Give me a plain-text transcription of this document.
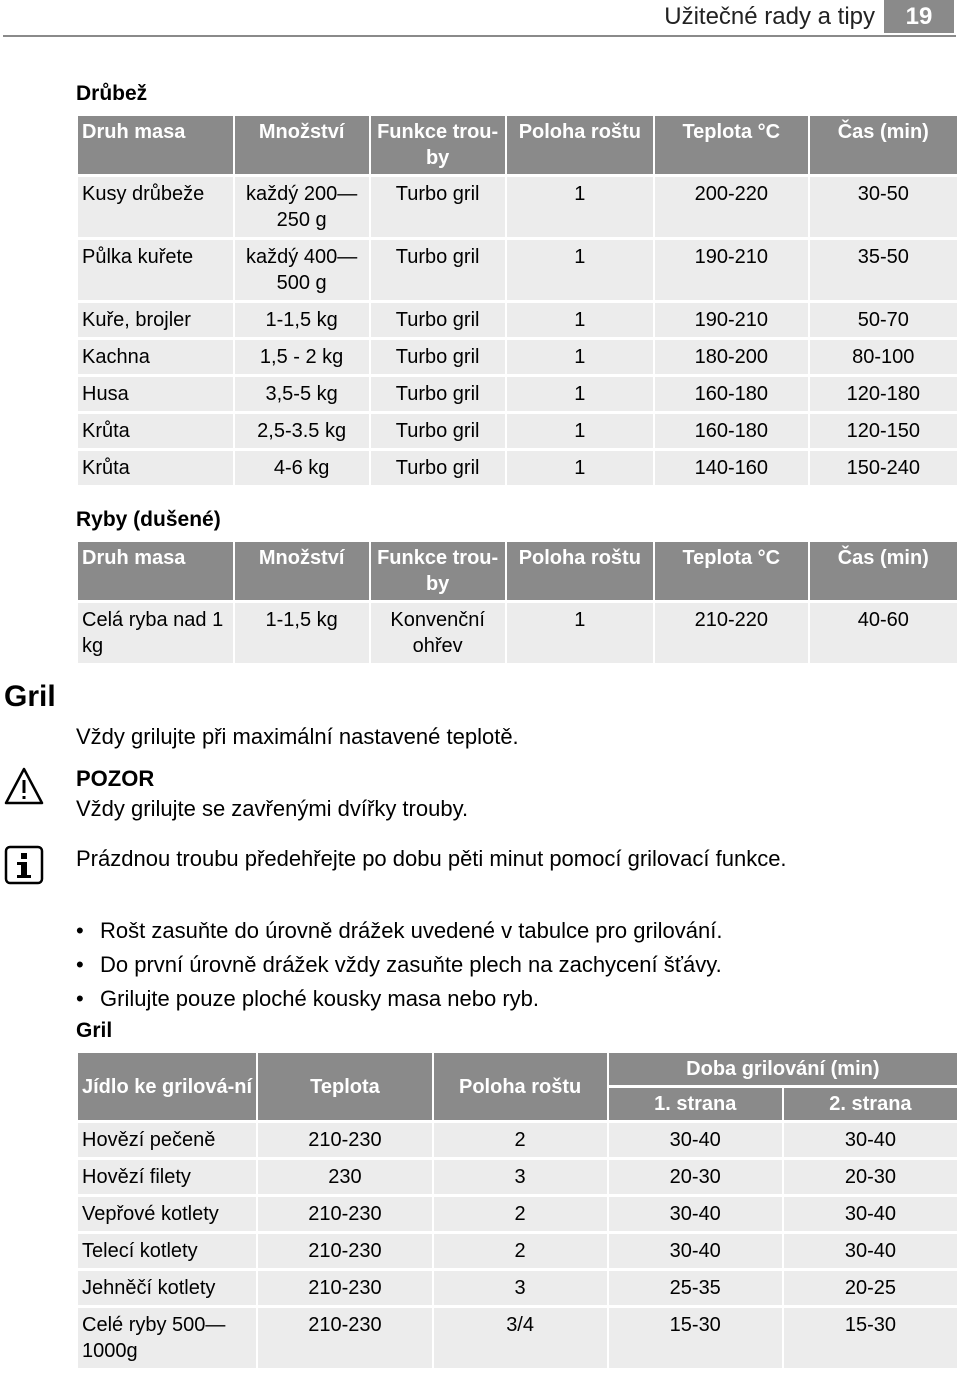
Užitečné rady a tipy	19
Drůbež
Druh masa	Množství	Funkce trou-by	Poloha roštu	Teplota °C	Čas (min)
Kusy drůbeže	každý 200—250 g	Turbo gril	1	200-220	30-50
Půlka kuřete	každý 400—500 g	Turbo gril	1	190-210	35-50
Kuře, brojler	1-1,5 kg	Turbo gril	1	190-210	50-70
Kachna	1,5 - 2 kg	Turbo gril	1	180-200	80-100
Husa	3,5-5 kg	Turbo gril	1	160-180	120-180
Krůta	2,5-3.5 kg	Turbo gril	1	160-180	120-150
Krůta	4-6 kg	Turbo gril	1	140-160	150-240
Ryby (dušené)
Druh masa	Množství	Funkce trou-by	Poloha roštu	Teplota °C	Čas (min)
Celá ryba nad 1 kg	1-1,5 kg	Konvenční ohřev	1	210-220	40-60
Gril
Vždy grilujte při maximální nastavené teplotě.
POZOR
Vždy grilujte se zavřenými dvířky trouby.
Prázdnou troubu předehřejte po dobu pěti minut pomocí grilovací funkce.
• Rošt zasuňte do úrovně drážek uvedené v tabulce pro grilování.
• Do první úrovně drážek vždy zasuňte plech na zachycení šťávy.
• Grilujte pouze ploché kousky masa nebo ryb.
Gril
Jídlo ke grilová-ní	Teplota	Poloha roštu	Doba grilování (min)	
			1. strana	2. strana
Hovězí pečeně	210-230	2	30-40	30-40
Hovězí filety	230	3	20-30	20-30
Vepřové kotlety	210-230	2	30-40	30-40
Telecí kotlety	210-230	2	30-40	30-40
Jehněčí kotlety	210-230	3	25-35	20-25
Celé ryby 500—1000g	210-230	3/4	15-30	15-30
